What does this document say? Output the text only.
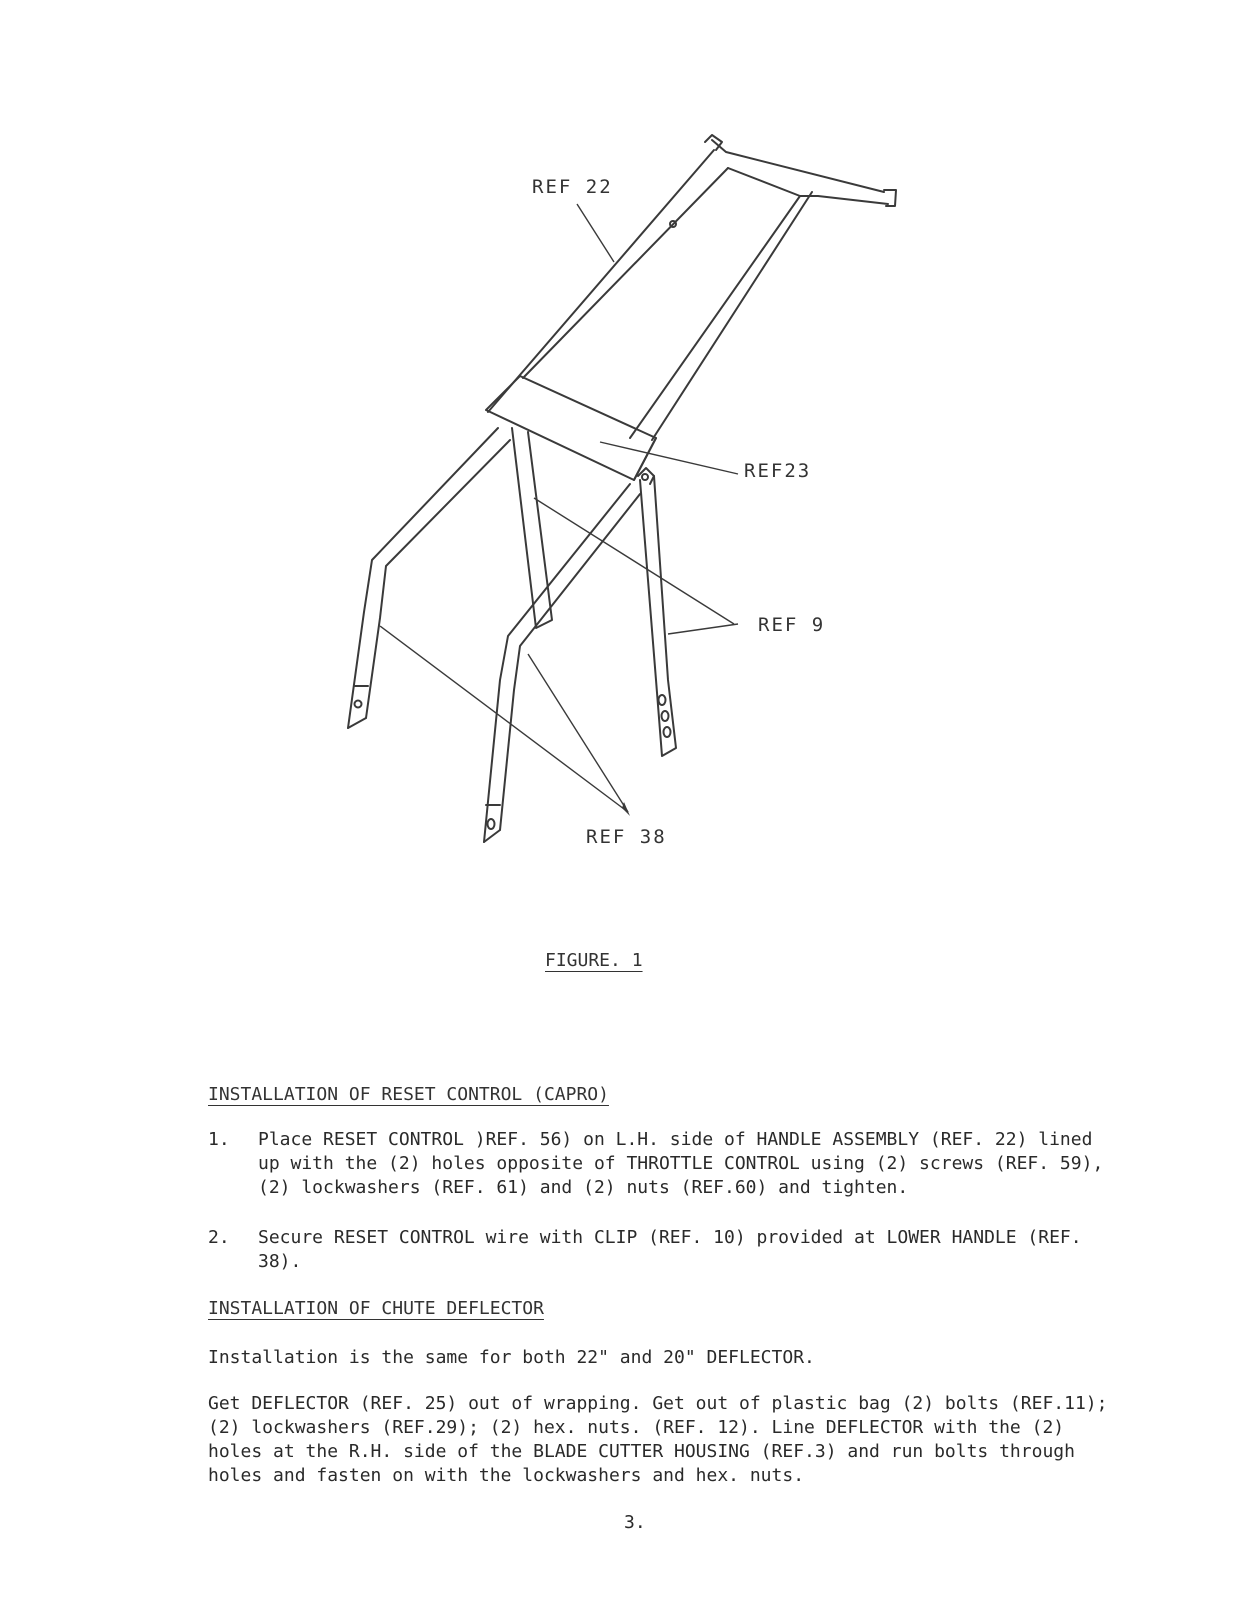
REF 22
REF23
REF 9
REF 38
FIGURE. 1
INSTALLATION OF RESET CONTROL (CAPRO)
1.	Place RESET CONTROL )REF. 56) on L.H. side of HANDLE ASSEMBLY (REF. 22) lined up with the (2) holes opposite of THROTTLE CONTROL using (2) screws (REF. 59), (2) lockwashers (REF. 61) and (2) nuts (REF.60) and tighten.
2.	Secure RESET CONTROL wire with CLIP (REF. 10) provided at LOWER HANDLE (REF. 38).
INSTALLATION OF CHUTE DEFLECTOR
Installation is the same for both 22" and 20" DEFLECTOR.
Get DEFLECTOR (REF. 25) out of wrapping. Get out of plastic bag (2) bolts (REF.11); (2) lockwashers (REF.29); (2) hex. nuts. (REF. 12). Line DEFLECTOR with the (2) holes at the R.H. side of the BLADE CUTTER HOUSING (REF.3) and run bolts through holes and fasten on with the lockwashers and hex. nuts.
3.
